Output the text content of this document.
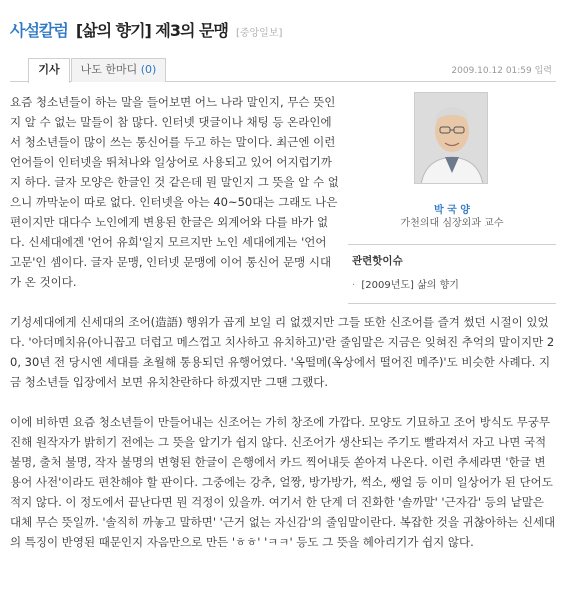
사설칼럼 [삶의 향기] 제3의 문맹 [중앙일보]
기사	나도 한마디 (0)	2009.10.12 01:59 입력

요즘 청소년들이 하는 말을 들어보면 어느 나라 말인지, 무슨 뜻인지 알 수 없는 말들이 참 많다. 인터넷 댓글이나 채팅 등 온라인에서 청소년들이 많이 쓰는 통신어를 두고 하는 말이다. 최근엔 이런 언어들이 인터넷을 뛰쳐나와 일상어로 사용되고 있어 어지럽기까지 하다. 글자 모양은 한글인 것 같은데 뭔 말인지 그 뜻을 알 수 없으니 까막눈이 따로 없다. 인터넷을 아는 40~50대는 그래도 나은 편이지만 대다수 노인에게 변용된 한글은 외계어와 다를 바가 없다. 신세대에겐 '언어 유희'일지 모르지만 노인 세대에게는 '언어 고문'인 셈이다. 글자 문맹, 인터넷 문맹에 이어 통신어 문맹 시대가 온 것이다.

기성세대에게 신세대의 조어(造語) 행위가 곱게 보일 리 없겠지만 그들 또한 신조어를 즐겨 썼던 시절이 있었다. '아더메치유(아니꼽고 더럽고 메스껍고 치사하고 유치하고)'란 줄임말은 지금은 잊혀진 추억의 말이지만 20, 30년 전 당시엔 세대를 초월해 통용되던 유행어였다. '옥떨메(옥상에서 떨어진 메주)'도 비슷한 사례다. 지금 청소년들 입장에서 보면 유치찬란하다 하겠지만 그땐 그랬다.

이에 비하면 요즘 청소년들이 만들어내는 신조어는 가히 창조에 가깝다. 모양도 기묘하고 조어 방식도 무궁무진해 원작자가 밝히기 전에는 그 뜻을 알기가 쉽지 않다. 신조어가 생산되는 주기도 빨라져서 자고 나면 국적 불명, 출처 불명, 작자 불명의 변형된 한글이 은행에서 카드 찍어내듯 쏟아져 나온다. 이런 추세라면 '한글 변용어 사전'이라도 편찬해야 할 판이다. 그중에는 강추, 얼짱, 방가방가, 썩소, 쌩얼 등 이미 일상어가 된 단어도 적지 않다. 이 정도에서 끝난다면 뭔 걱정이 있을까. 여기서 한 단계 더 진화한 '솔까말' '근자감' 등의 낱말은 대체 무슨 뜻일까. '솔직히 까놓고 말하면' '근거 없는 자신감'의 줄임말이란다. 복잡한 것을 귀찮아하는 신세대의 특징이 반영된 때문인지 자음만으로 만든 'ㅎㅎ' 'ㅋㅋ' 등도 그 뜻을 헤아리기가 쉽지 않다.

박 국 양
가천의대 심장외과 교수
관련핫이슈
· [2009년도] 삶의 향기
